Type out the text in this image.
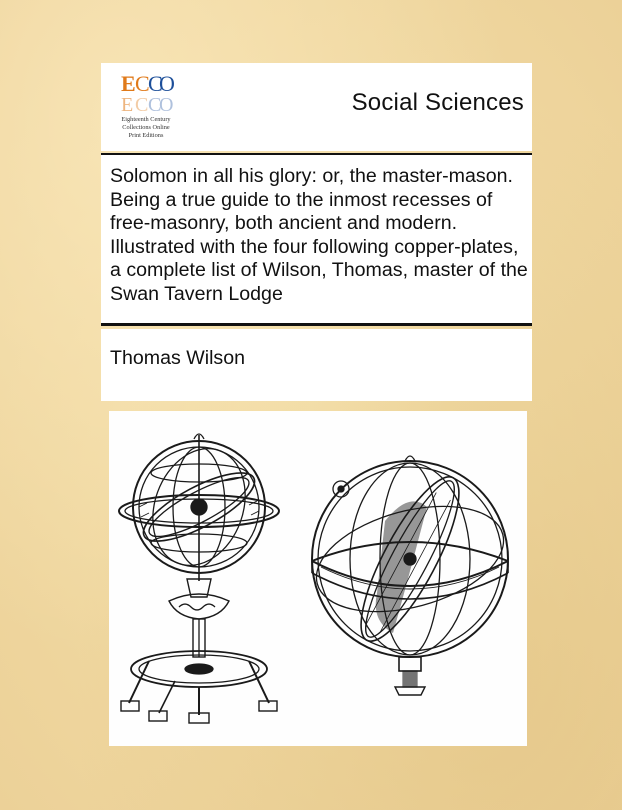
E C
C
O
E C C
O
Eighteenth Century
Collections Online
Print Editions
Social Sciences
Solomon in all his glory: or, the master-mason. Being a true guide to the inmost recesses of free-masonry, both ancient and modern. Illustrated with the four following copper-plates, a complete list of Wilson, Thomas, master of the Swan Tavern Lodge
Thomas Wilson
